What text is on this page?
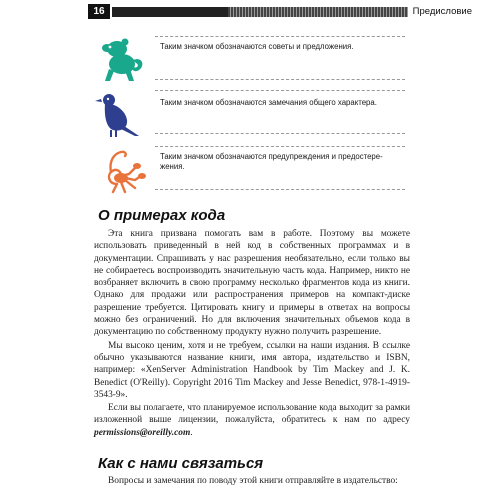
16	Предисловие
Таким значком обозначаются советы и предложения.
Таким значком обозначаются замечания общего характера.
Таким значком обозначаются предупреждения и предостере-
жения.
О примерах кода

Эта книга призвана помогать вам в работе. Поэтому вы можете использовать приведенный в ней код в собственных программах и в документации. Спрашивать у нас разрешения необязательно, если только вы не собираетесь воспроизводить значительную часть кода. Например, никто не возбраняет включить в свою программу несколько фрагментов кода из книги. Однако для продажи или распространения примеров на компакт-диске разрешение требуется. Цитировать книгу и примеры в ответах на вопросы можно без ограничений. Но для включения значительных объемов кода в документацию по собственному продукту нужно получить разрешение.

Мы высоко ценим, хотя и не требуем, ссылки на наши издания. В ссылке обычно указываются название книги, имя автора, издательство и ISBN, например: «XenServer Administration Handbook by Tim Mackey and J. K. Benedict (O'Reilly). Copyright 2016 Tim Mackey and Jesse Benedict, 978-1-4919-3543-9».

Если вы полагаете, что планируемое использование кода выходит за рамки изложенной выше лицензии, пожалуйста, обратитесь к нам по адресу permissions@oreilly.com.

Как с нами связаться

Вопросы и замечания по поводу этой книги отправляйте в издательство:
